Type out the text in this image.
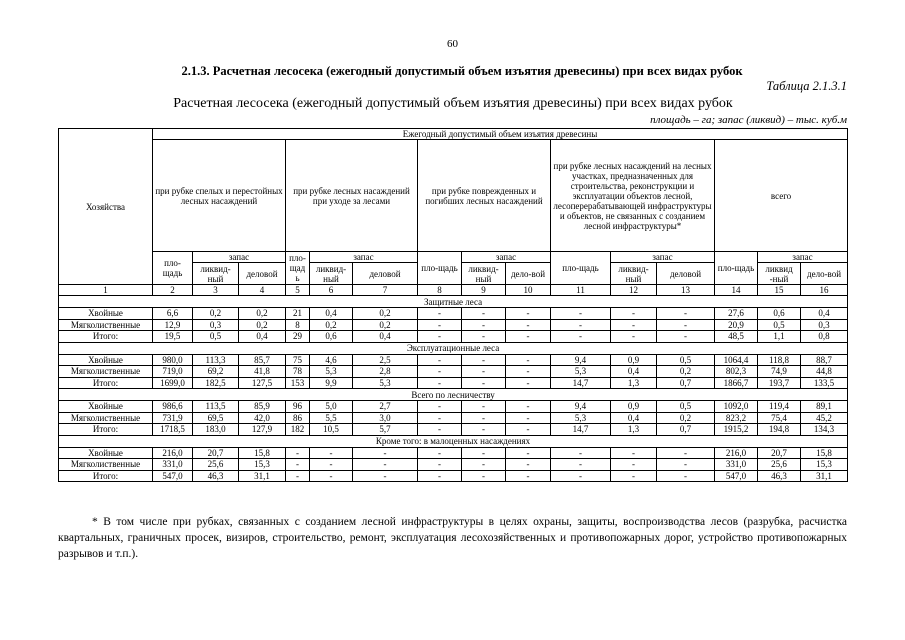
60
2.1.3. Расчетная лесосека (ежегодный допустимый объем изъятия древесины) при всех видах рубок
Таблица 2.1.3.1
Расчетная лесосека (ежегодный допустимый объем изъятия древесины) при всех видах рубок
площадь – га; запас (ликвид) – тыс. куб.м
Хозяйства	Ежегодный допустимый объем изъятия древесины														
	при рубке спелых и перестойных лесных насаждений			при рубке лесных насаждений при уходе за лесами			при рубке поврежденных и погибших лесных насаждений			при рубке лесных насаждений на лесных участках, предназначенных для строительства, реконструкции и эксплуатации объектов лесной, лесоперерабатывающей инфраструктуры и объектов, не связанных с созданием лесной инфраструктуры*			всего		
	пло-щадь	запас		пло-щад ь	запас		пло-щадь	запас		пло-щадь	запас		пло-щадь	запас	
		ликвид-ный	деловой		ликвид-ный	деловой		ликвид-ный	дело-вой		ликвид-ный	деловой		ликвид -ный	дело-вой
1	2	3	4	5	6	7	8	9	10	11	12	13	14	15	16
Защитные леса															
Хвойные	6,6	0,2	0,2	21	0,4	0,2	-	-	-	-	-	-	27,6	0,6	0,4
Мягколиственные	12,9	0,3	0,2	8	0,2	0,2	-	-	-	-	-	-	20,9	0,5	0,3
Итого:	19,5	0,5	0,4	29	0,6	0,4	-	-	-	-	-	-	48,5	1,1	0,8
Эксплуатационные леса															
Хвойные	980,0	113,3	85,7	75	4,6	2,5	-	-	-	9,4	0,9	0,5	1064,4	118,8	88,7
Мягколиственные	719,0	69,2	41,8	78	5,3	2,8	-	-	-	5,3	0,4	0,2	802,3	74,9	44,8
Итого:	1699,0	182,5	127,5	153	9,9	5,3	-	-	-	14,7	1,3	0,7	1866,7	193,7	133,5
Всего по лесничеству															
Хвойные	986,6	113,5	85,9	96	5,0	2,7	-	-	-	9,4	0,9	0,5	1092,0	119,4	89,1
Мягколиственные	731,9	69,5	42,0	86	5,5	3,0	-	-	-	5,3	0,4	0,2	823,2	75,4	45,2
Итого:	1718,5	183,0	127,9	182	10,5	5,7	-	-	-	14,7	1,3	0,7	1915,2	194,8	134,3
Кроме того: в малоценных насаждениях															
Хвойные	216,0	20,7	15,8	-	-	-	-	-	-	-	-	-	216,0	20,7	15,8
Мягколиственные	331,0	25,6	15,3	-	-	-	-	-	-	-	-	-	331,0	25,6	15,3
Итого:	547,0	46,3	31,1	-	-	-	-	-	-	-	-	-	547,0	46,3	31,1
* В том числе при рубках, связанных с созданием лесной инфраструктуры в целях охраны, защиты, воспроизводства лесов (разрубка, расчистка квартальных, граничных просек, визиров, строительство, ремонт, эксплуатация лесохозяйственных и противопожарных дорог, устройство противопожарных разрывов и т.п.).
